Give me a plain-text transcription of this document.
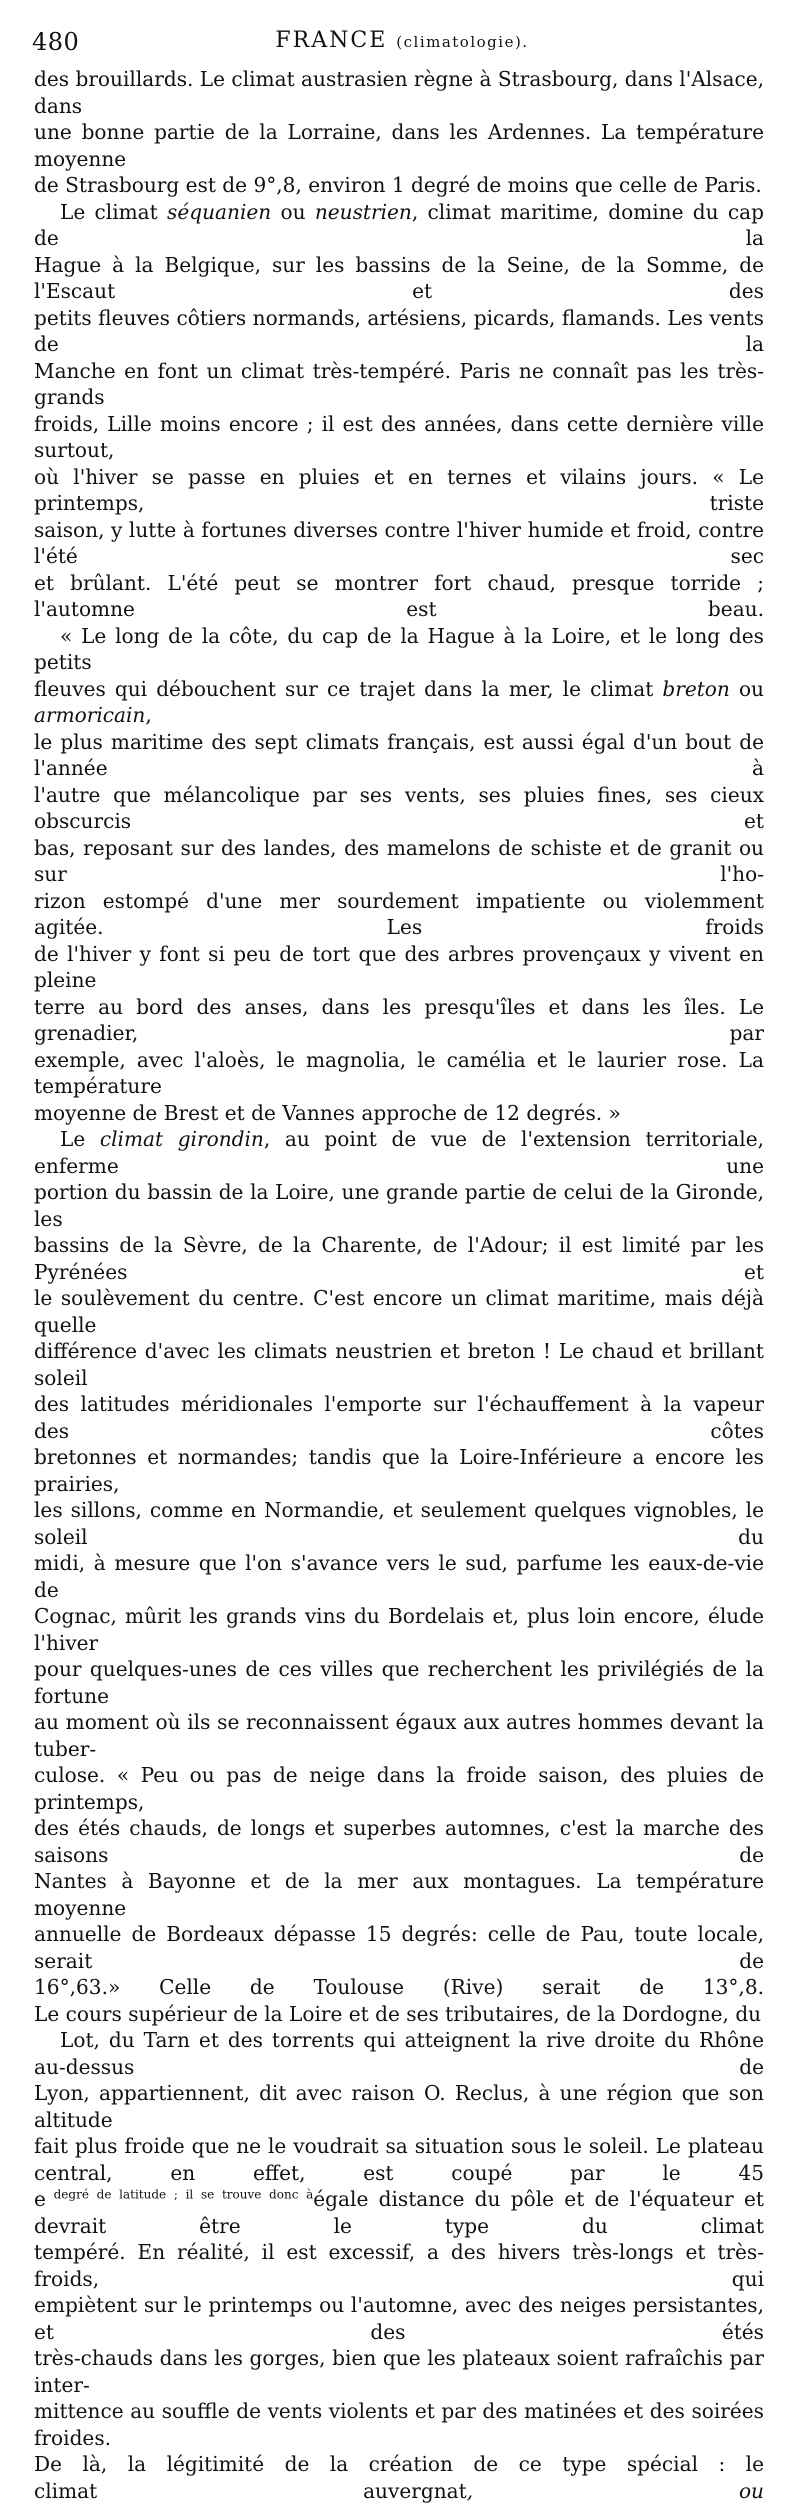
480	FRANCE (climatologie).

des brouillards. Le climat austrasien règne à Strasbourg, dans l'Alsace, dans

une bonne partie de la Lorraine, dans les Ardennes. La température moyenne

de Strasbourg est de 9°,8, environ 1 degré de moins que celle de Paris.

Le climat séquanien ou neustrien, climat maritime, domine du cap de la

Hague à la Belgique, sur les bassins de la Seine, de la Somme, de l'Escaut et des

petits fleuves côtiers normands, artésiens, picards, flamands. Les vents de la

Manche en font un climat très-tempéré. Paris ne connaît pas les très-grands

froids, Lille moins encore ; il est des années, dans cette dernière ville surtout,

où l'hiver se passe en pluies et en ternes et vilains jours. « Le printemps, triste

saison, y lutte à fortunes diverses contre l'hiver humide et froid, contre l'été sec

et brûlant. L'été peut se montrer fort chaud, presque torride ; l'automne est beau.

« Le long de la côte, du cap de la Hague à la Loire, et le long des petits

fleuves qui débouchent sur ce trajet dans la mer, le climat breton ou armoricain,

le plus maritime des sept climats français, est aussi égal d'un bout de l'année à

l'autre que mélancolique par ses vents, ses pluies fines, ses cieux obscurcis et

bas, reposant sur des landes, des mamelons de schiste et de granit ou sur l'ho-

rizon estompé d'une mer sourdement impatiente ou violemment agitée. Les froids

de l'hiver y font si peu de tort que des arbres provençaux y vivent en pleine

terre au bord des anses, dans les presqu'îles et dans les îles. Le grenadier, par

exemple, avec l'aloès, le magnolia, le camélia et le laurier rose. La température

moyenne de Brest et de Vannes approche de 12 degrés. »

Le climat girondin, au point de vue de l'extension territoriale, enferme une

portion du bassin de la Loire, une grande partie de celui de la Gironde, les

bassins de la Sèvre, de la Charente, de l'Adour; il est limité par les Pyrénées et

le soulèvement du centre. C'est encore un climat maritime, mais déjà quelle

différence d'avec les climats neustrien et breton ! Le chaud et brillant soleil

des latitudes méridionales l'emporte sur l'échauffement à la vapeur des côtes

bretonnes et normandes; tandis que la Loire-Inférieure a encore les prairies,

les sillons, comme en Normandie, et seulement quelques vignobles, le soleil du

midi, à mesure que l'on s'avance vers le sud, parfume les eaux-de-vie de

Cognac, mûrit les grands vins du Bordelais et, plus loin encore, élude l'hiver

pour quelques-unes de ces villes que recherchent les privilégiés de la fortune

au moment où ils se reconnaissent égaux aux autres hommes devant la tuber-

culose. « Peu ou pas de neige dans la froide saison, des pluies de printemps,

des étés chauds, de longs et superbes automnes, c'est la marche des saisons de

Nantes à Bayonne et de la mer aux montagues. La température moyenne

annuelle de Bordeaux dépasse 15 degrés: celle de Pau, toute locale, serait de

16°,63.» Celle de Toulouse (Rive) serait de 13°,8.

Le cours supérieur de la Loire et de ses tributaires, de la Dordogne, du

Lot, du Tarn et des torrents qui atteignent la rive droite du Rhône au-dessus de

Lyon, appartiennent, dit avec raison O. Reclus, à une région que son altitude

fait plus froide que ne le voudrait sa situation sous le soleil. Le plateau

central, en effet, est coupé par le 45

e $^{degré de latitude ; il se trouve donc à}$égale distance du pôle et de l'équateur et devrait être le type du climat

tempéré. En réalité, il est excessif, a des hivers très-longs et très-froids, qui

empiètent sur le printemps ou l'automne, avec des neiges persistantes, et des étés

très-chauds dans les gorges, bien que les plateaux soient rafraîchis par inter-

mittence au souffle de vents violents et par des matinées et des soirées froides.

De là, la légitimité de la création de ce type spécial : le

climat auvergnat, ou
